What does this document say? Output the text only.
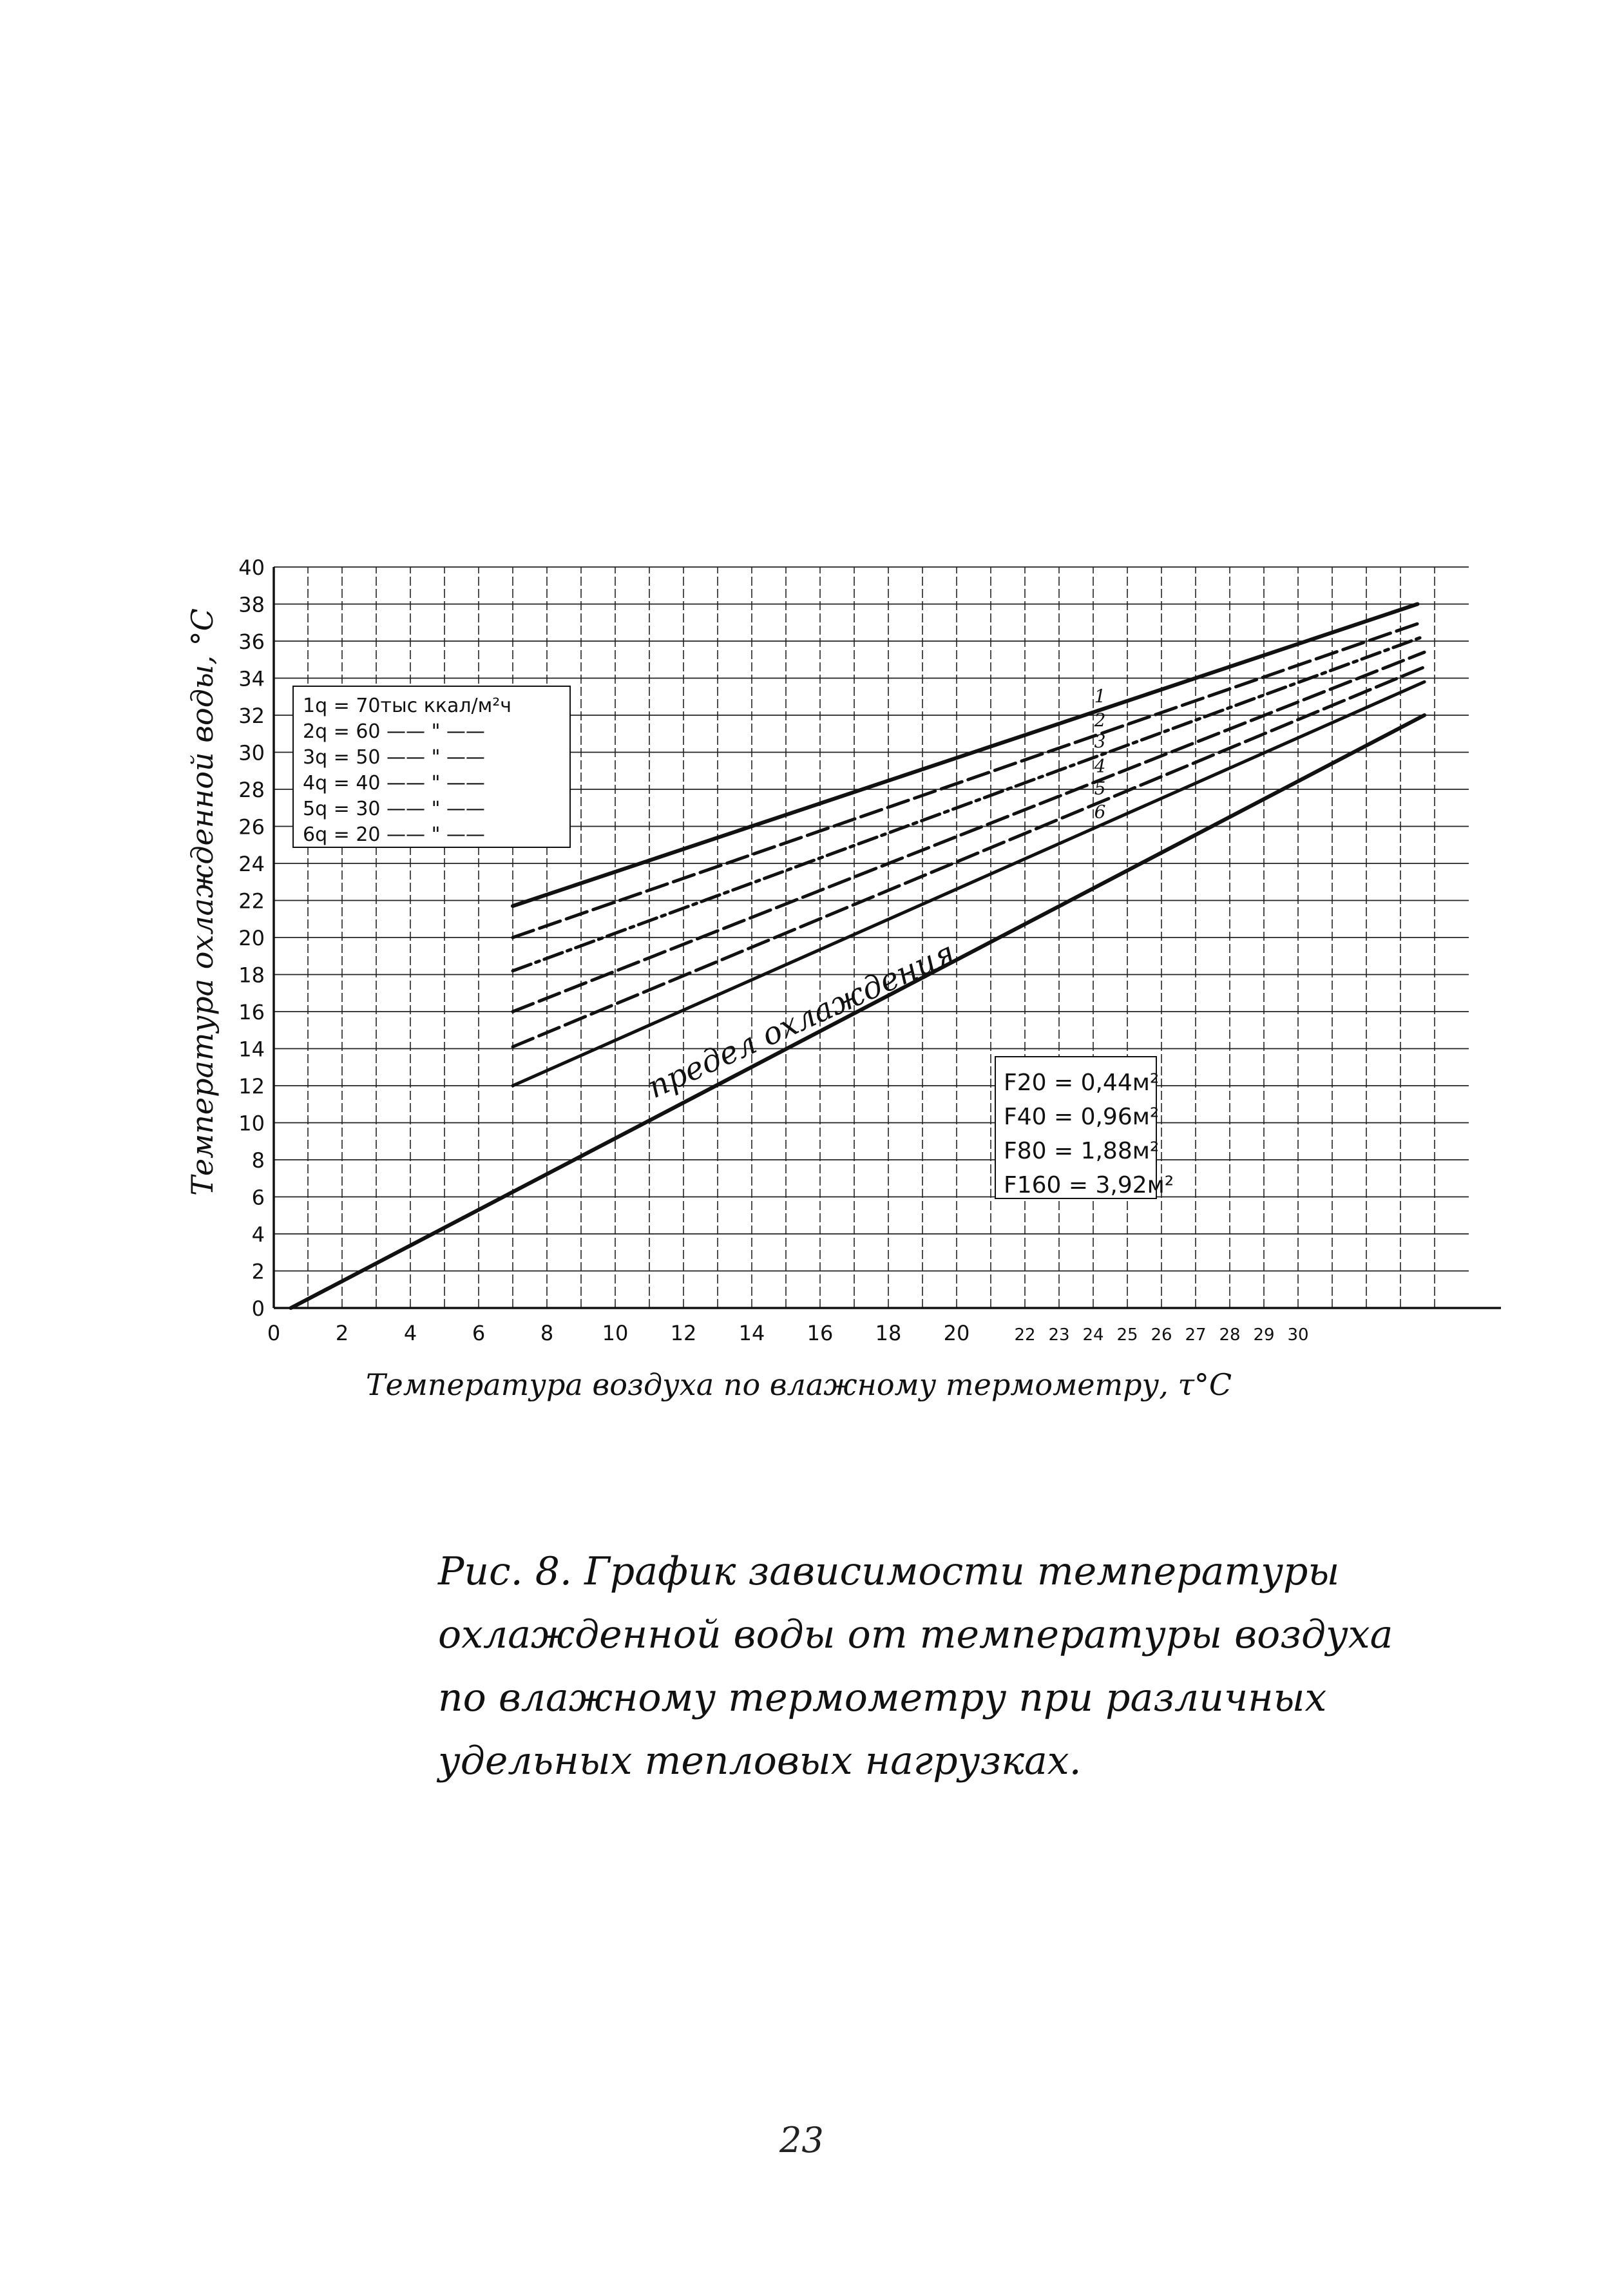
0
2
4
6
8
10
12
14
16
18
20
22
24
26
28
30
32
34
36
38
40
0	2	4	6	8 10 12 14 16 18 20	22 23 24 25 26 27 28 29 30
1
2
3
4
5
6
Температура охлажденной воды, °C
Температура воздуха по влажному термометру, τ°C
1q = 70тыс ккал/м²ч
2q = 60 —— " ——
3q = 50 —— " ——
4q = 40 —— " ——
5q = 30 —— " ——
6q = 20 —— " ——
F20 = 0,44м²
F40 = 0,96м²
F80 = 1,88м²
F160 = 3,92м²
предел охлаждения
Рис. 8. График зависимости температуры
охлажденной воды от температуры воздуха
по влажному термометру при различных
удельных тепловых нагрузках.
23
